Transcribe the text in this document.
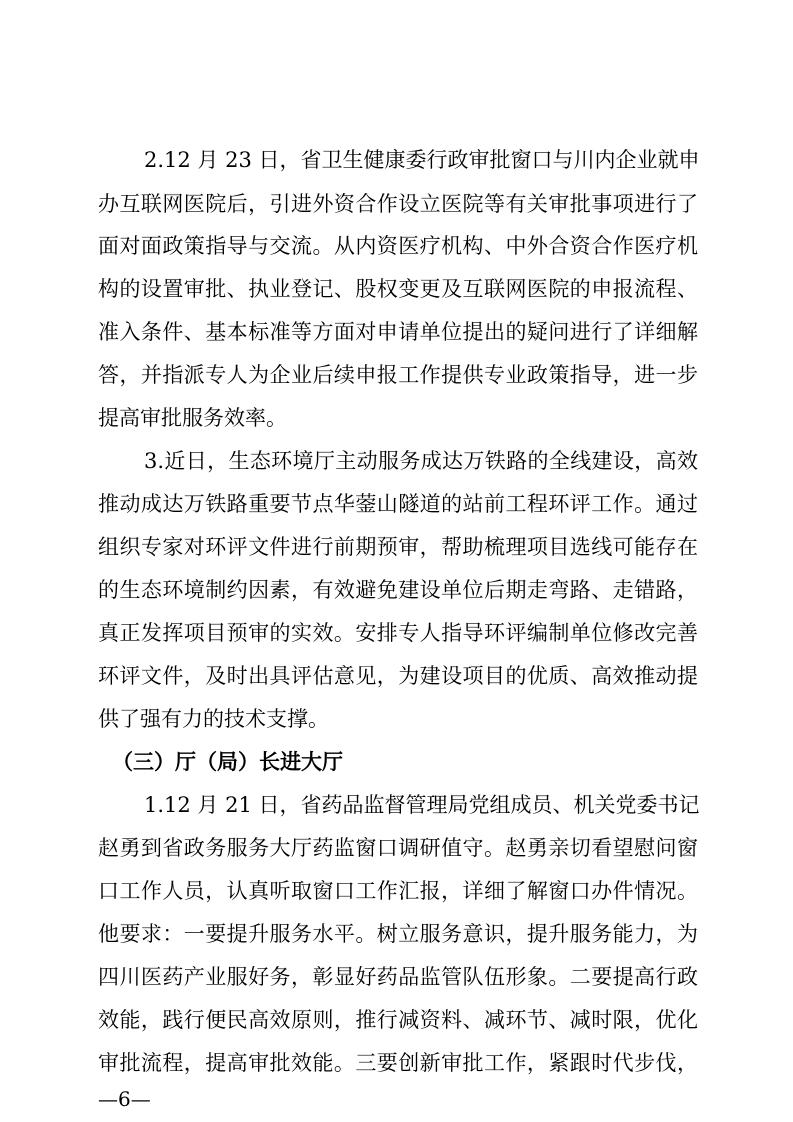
2.12 月 23 日，省卫生健康委行政审批窗口与川内企业就申
办互联网医院后，引进外资合作设立医院等有关审批事项进行了
面对面政策指导与交流。从内资医疗机构、中外合资合作医疗机
构的设置审批、执业登记、股权变更及互联网医院的申报流程、
准入条件、基本标准等方面对申请单位提出的疑问进行了详细解
答，并指派专人为企业后续申报工作提供专业政策指导，进一步
提高审批服务效率。
3.近日，生态环境厅主动服务成达万铁路的全线建设，高效
推动成达万铁路重要节点华蓥山隧道的站前工程环评工作。通过
组织专家对环评文件进行前期预审，帮助梳理项目选线可能存在
的生态环境制约因素，有效避免建设单位后期走弯路、走错路，
真正发挥项目预审的实效。安排专人指导环评编制单位修改完善
环评文件，及时出具评估意见，为建设项目的优质、高效推动提
供了强有力的技术支撑。
（三）厅（局）长进大厅
1.12 月 21 日，省药品监督管理局党组成员、机关党委书记
赵勇到省政务服务大厅药监窗口调研值守。赵勇亲切看望慰问窗
口工作人员，认真听取窗口工作汇报，详细了解窗口办件情况。
他要求：一要提升服务水平。树立服务意识，提升服务能力，为
四川医药产业服好务，彰显好药品监管队伍形象。二要提高行政
效能，践行便民高效原则，推行减资料、减环节、减时限，优化
审批流程，提高审批效能。三要创新审批工作，紧跟时代步伐，
—6—
